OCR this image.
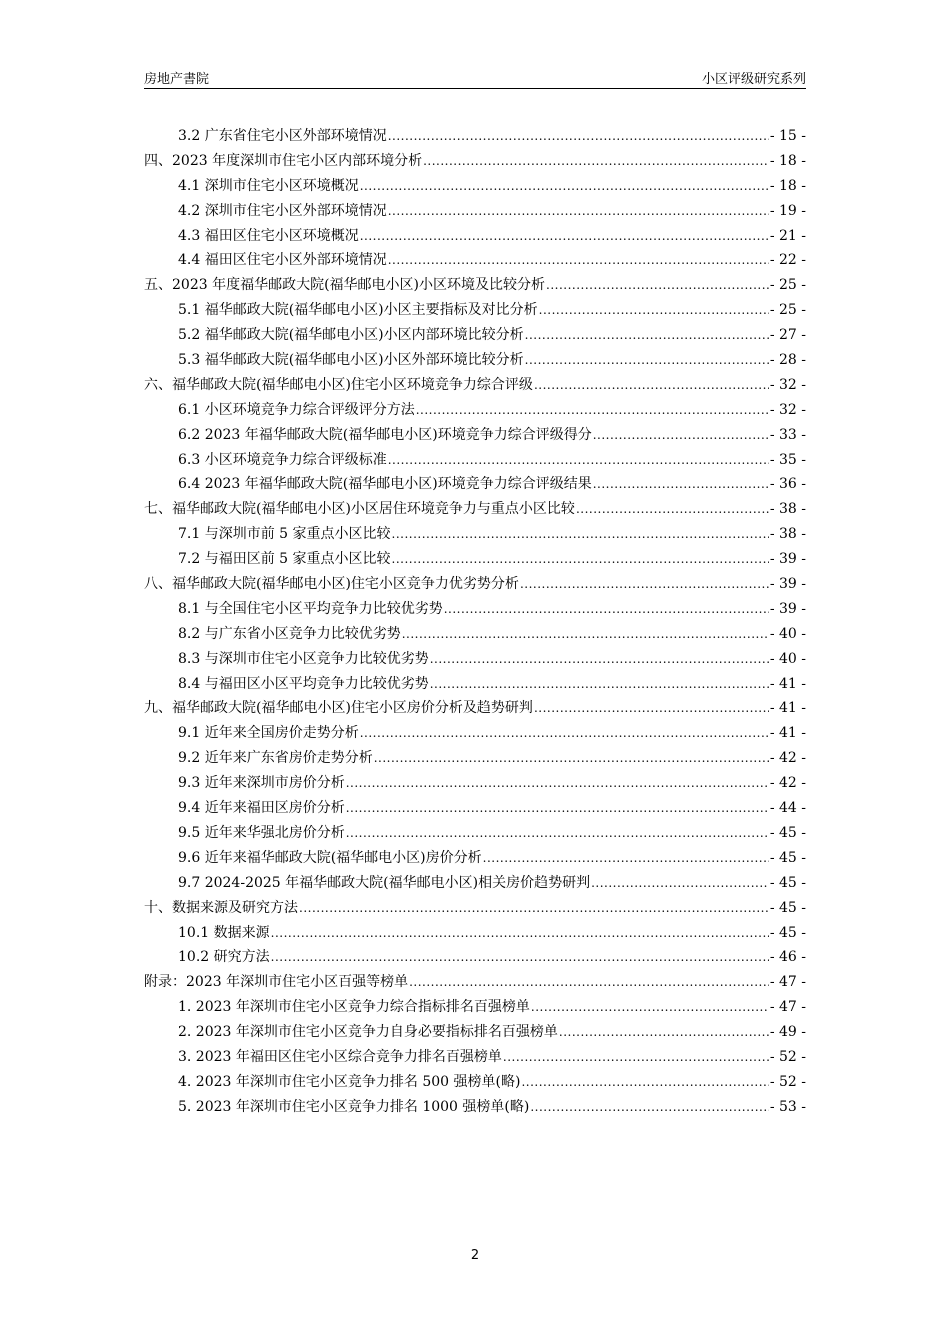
房地产書院	小区评级研究系列
3.2 广东省住宅小区外部环境情况 .....	- 15 -
四、2023 年度深圳市住宅小区内部环境分析 .....	- 18 -
4.1 深圳市住宅小区环境概况 .....	- 18 -
4.2 深圳市住宅小区外部环境情况 .....	- 19 -
4.3 福田区住宅小区环境概况 .....	- 21 -
4.4 福田区住宅小区外部环境情况 .....	- 22 -
五、2023 年度福华邮政大院(福华邮电小区)小区环境及比较分析 .....	- 25 -
5.1 福华邮政大院(福华邮电小区)小区主要指标及对比分析 .....	- 25 -
5.2 福华邮政大院(福华邮电小区)小区内部环境比较分析 .....	- 27 -
5.3 福华邮政大院(福华邮电小区)小区外部环境比较分析 .....	- 28 -
六、福华邮政大院(福华邮电小区)住宅小区环境竞争力综合评级 .....	- 32 -
6.1 小区环境竞争力综合评级评分方法 .....	- 32 -
6.2 2023 年福华邮政大院(福华邮电小区)环境竞争力综合评级得分 .....	- 33 -
6.3 小区环境竞争力综合评级标准 .....	- 35 -
6.4 2023 年福华邮政大院(福华邮电小区)环境竞争力综合评级结果 .....	- 36 -
七、福华邮政大院(福华邮电小区)小区居住环境竞争力与重点小区比较 .....	- 38 -
7.1 与深圳市前 5 家重点小区比较 .....	- 38 -
7.2 与福田区前 5 家重点小区比较 .....	- 39 -
八、福华邮政大院(福华邮电小区)住宅小区竞争力优劣势分析 .....	- 39 -
8.1 与全国住宅小区平均竞争力比较优劣势 .....	- 39 -
8.2 与广东省小区竞争力比较优劣势 .....	- 40 -
8.3 与深圳市住宅小区竞争力比较优劣势 .....	- 40 -
8.4 与福田区小区平均竞争力比较优劣势 .....	- 41 -
九、福华邮政大院(福华邮电小区)住宅小区房价分析及趋势研判 .....	- 41 -
9.1 近年来全国房价走势分析 .....	- 41 -
9.2 近年来广东省房价走势分析 .....	- 42 -
9.3 近年来深圳市房价分析 .....	- 42 -
9.4 近年来福田区房价分析 .....	- 44 -
9.5 近年来华强北房价分析 .....	- 45 -
9.6 近年来福华邮政大院(福华邮电小区)房价分析 .....	- 45 -
9.7 2024-2025 年福华邮政大院(福华邮电小区)相关房价趋势研判 .....	- 45 -
十、数据来源及研究方法 .....	- 45 -
10.1 数据来源 .....	- 45 -
10.2 研究方法 .....	- 46 -
附录：2023 年深圳市住宅小区百强等榜单 .....	- 47 -
1. 2023 年深圳市住宅小区竞争力综合指标排名百强榜单 .....	- 47 -
2. 2023 年深圳市住宅小区竞争力自身必要指标排名百强榜单 .....	- 49 -
3. 2023 年福田区住宅小区综合竞争力排名百强榜单 .....	- 52 -
4. 2023 年深圳市住宅小区竞争力排名 500 强榜单(略) .....	- 52 -
5. 2023 年深圳市住宅小区竞争力排名 1000 强榜单(略) .....	- 53 -
2
